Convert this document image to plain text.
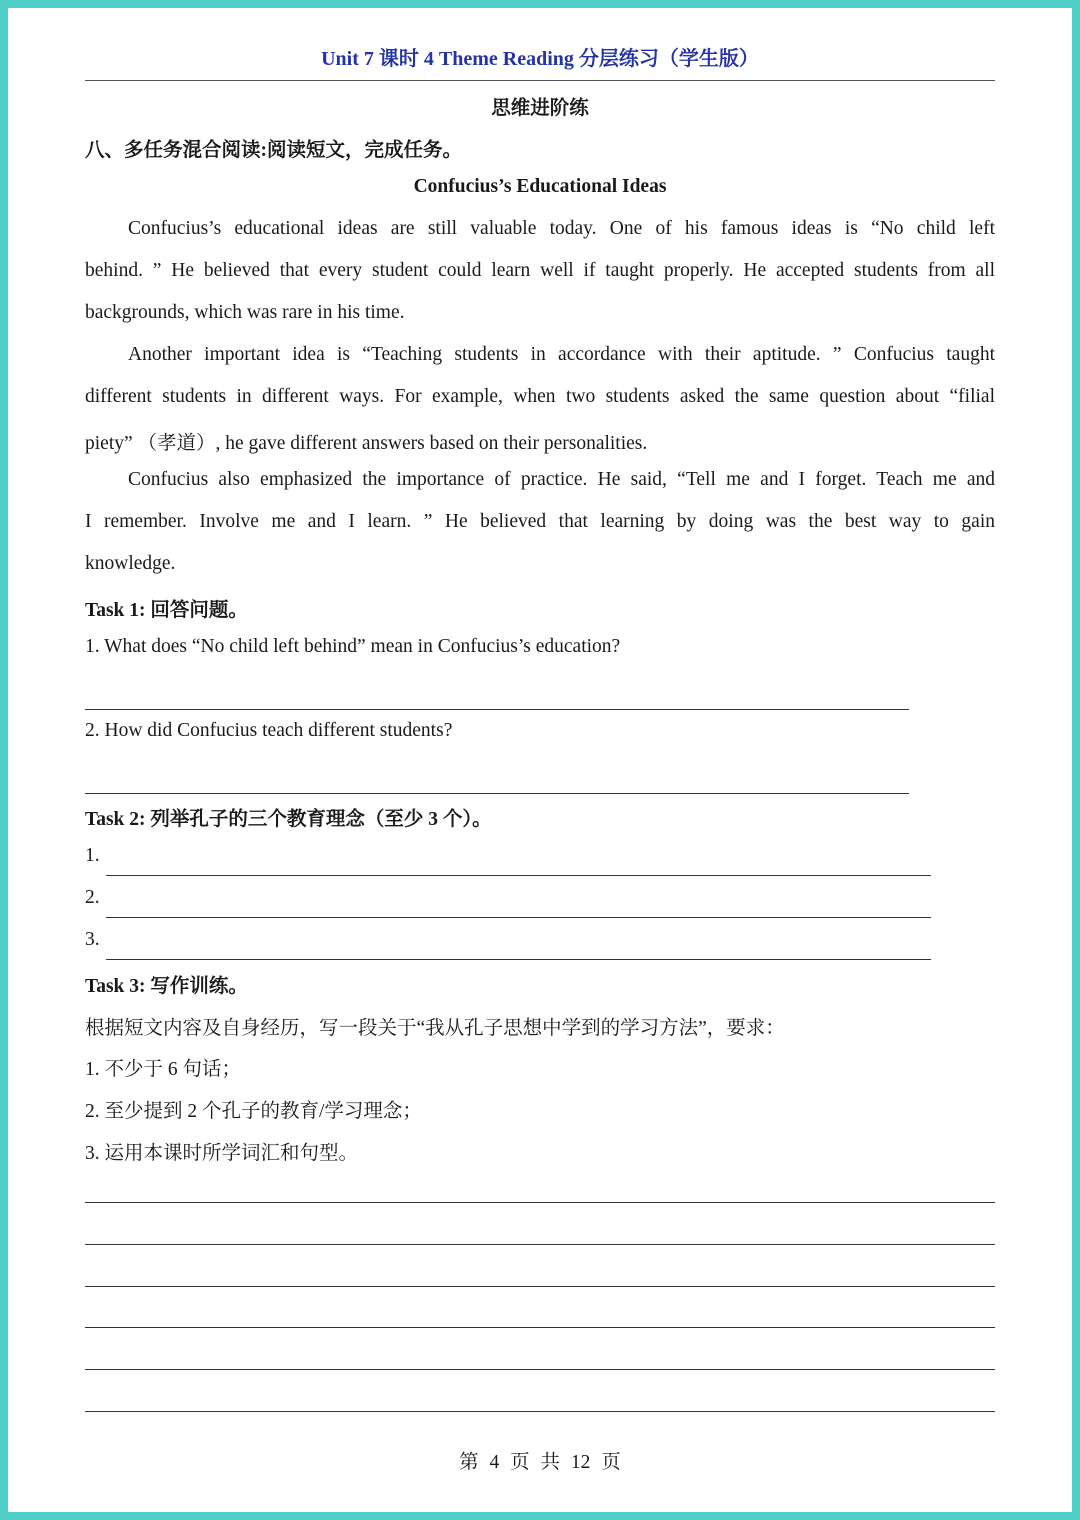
Unit 7 课时 4 Theme Reading 分层练习（学生版）
思维进阶练
八、多任务混合阅读:阅读短文，完成任务。
Confucius’s Educational Ideas
Confucius’s educational ideas are still valuable today. One of his famous ideas is “No child left
behind. ” He believed that every student could learn well if taught properly. He accepted students from all
backgrounds, which was rare in his time.
Another important idea is “Teaching students in accordance with their aptitude. ” Confucius taught
different students in different ways. For example, when two students asked the same question about “filial
piety” （孝道）, he gave different answers based on their personalities.
Confucius also emphasized the importance of practice. He said, “Tell me and I forget. Teach me and
I remember. Involve me and I learn. ” He believed that learning by doing was the best way to gain
knowledge.
Task 1: 回答问题。
1. What does “No child left behind” mean in Confucius’s education?
2. How did Confucius teach different students?
Task 2: 列举孔子的三个教育理念（至少 3 个）。
1.
2.
3.
Task 3: 写作训练。
根据短文内容及自身经历，写一段关于“我从孔子思想中学到的学习方法”，要求：
1. 不少于 6 句话；
2. 至少提到 2 个孔子的教育/学习理念；
3. 运用本课时所学词汇和句型。
第 4 页 共 12 页
